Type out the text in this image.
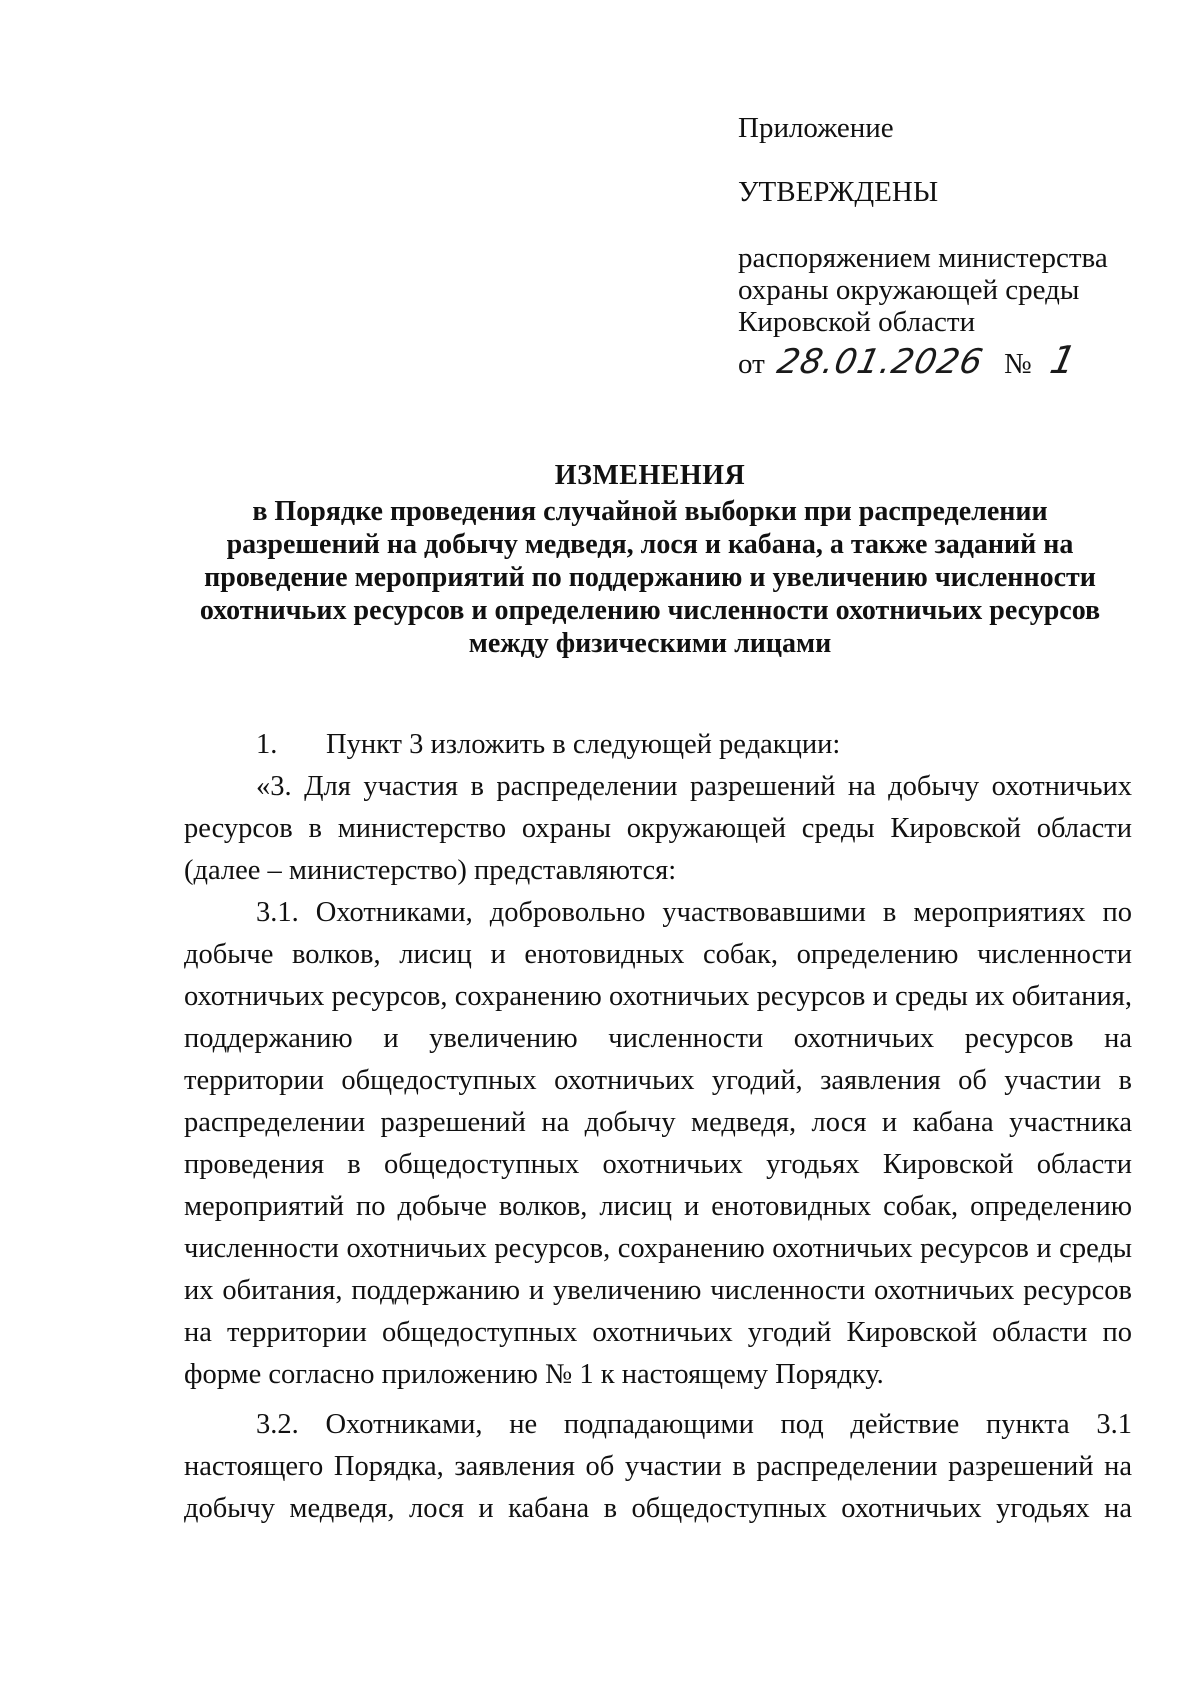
Приложение
УТВЕРЖДЕНЫ
распоряжением министерства
охраны окружающей среды
Кировской области
от 28.01.2026 № 1
ИЗМЕНЕНИЯ
в Порядке проведения случайной выборки при распределении
разрешений на добычу медведя, лося и кабана, а также заданий на
проведение мероприятий по поддержанию и увеличению численности
охотничьих ресурсов и определению численности охотничьих ресурсов
между физическими лицами
1. Пункт 3 изложить в следующей редакции:
«3. Для участия в распределении разрешений на добычу охотничьих
ресурсов в министерство охраны окружающей среды Кировской области
(далее – министерство) представляются:
3.1. Охотниками, добровольно участвовавшими в мероприятиях по
добыче волков, лисиц и енотовидных собак, определению численности
охотничьих ресурсов, сохранению охотничьих ресурсов и среды их обитания,
поддержанию и увеличению численности охотничьих ресурсов на
территории общедоступных охотничьих угодий, заявления об участии в
распределении разрешений на добычу медведя, лося и кабана участника
проведения в общедоступных охотничьих угодьях Кировской области
мероприятий по добыче волков, лисиц и енотовидных собак, определению
численности охотничьих ресурсов, сохранению охотничьих ресурсов и среды
их обитания, поддержанию и увеличению численности охотничьих ресурсов
на территории общедоступных охотничьих угодий Кировской области по
форме согласно приложению № 1 к настоящему Порядку.
3.2. Охотниками, не подпадающими под действие пункта 3.1
настоящего Порядка, заявления об участии в распределении разрешений на
добычу медведя, лося и кабана в общедоступных охотничьих угодьях на
